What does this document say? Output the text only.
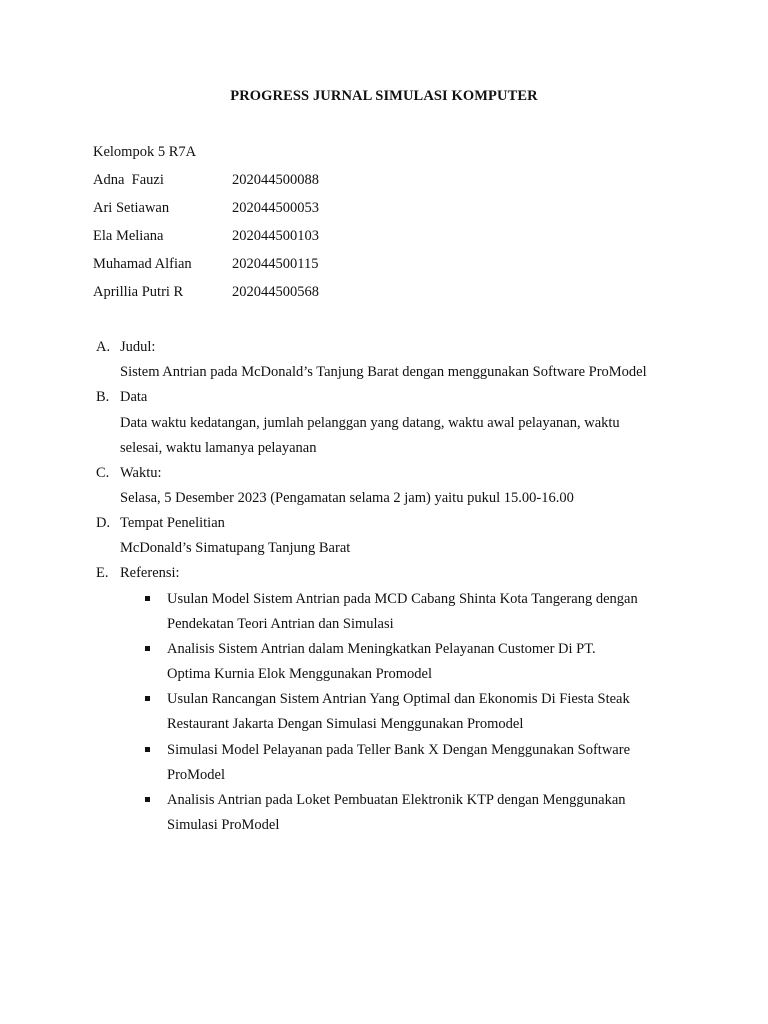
PROGRESS JURNAL SIMULASI KOMPUTER
Kelompok 5 R7A
Adna  Fauzi	202044500088
Ari Setiawan	202044500053
Ela Meliana	202044500103
Muhamad Alfian	202044500115
Aprillia Putri R	202044500568
A. Judul:
Sistem Antrian pada McDonald’s Tanjung Barat dengan menggunakan Software ProModel
B. Data
Data waktu kedatangan, jumlah pelanggan yang datang, waktu awal pelayanan, waktu
selesai, waktu lamanya pelayanan
C. Waktu:
Selasa, 5 Desember 2023 (Pengamatan selama 2 jam) yaitu pukul 15.00-16.00
D. Tempat Penelitian
McDonald’s Simatupang Tanjung Barat
E. Referensi:
Usulan Model Sistem Antrian pada MCD Cabang Shinta Kota Tangerang dengan
Pendekatan Teori Antrian dan Simulasi
Analisis Sistem Antrian dalam Meningkatkan Pelayanan Customer Di PT.
Optima Kurnia Elok Menggunakan Promodel
Usulan Rancangan Sistem Antrian Yang Optimal dan Ekonomis Di Fiesta Steak
Restaurant Jakarta Dengan Simulasi Menggunakan Promodel
Simulasi Model Pelayanan pada Teller Bank X Dengan Menggunakan Software
ProModel
Analisis Antrian pada Loket Pembuatan Elektronik KTP dengan Menggunakan
Simulasi ProModel
